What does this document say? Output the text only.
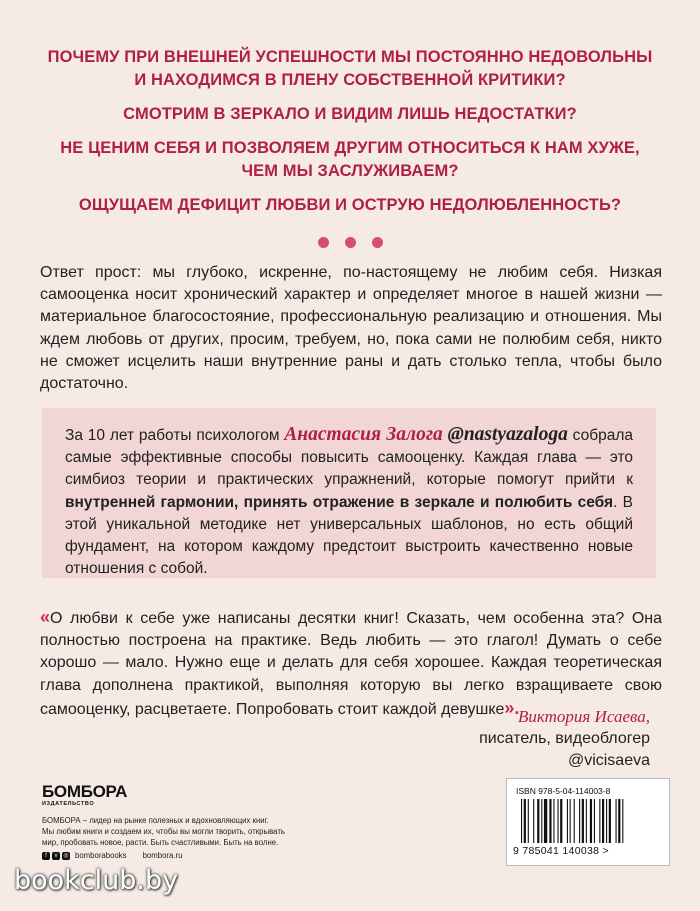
ПОЧЕМУ ПРИ ВНЕШНЕЙ УСПЕШНОСТИ МЫ ПОСТОЯННО НЕДОВОЛЬНЫ
И НАХОДИМСЯ В ПЛЕНУ СОБСТВЕННОЙ КРИТИКИ?

СМОТРИМ В ЗЕРКАЛО И ВИДИМ ЛИШЬ НЕДОСТАТКИ?

НЕ ЦЕНИМ СЕБЯ И ПОЗВОЛЯЕМ ДРУГИМ ОТНОСИТЬСЯ К НАМ ХУЖЕ,
ЧЕМ МЫ ЗАСЛУЖИВАЕМ?

ОЩУЩАЕМ ДЕФИЦИТ ЛЮБВИ И ОСТРУЮ НЕДОЛЮБЛЕННОСТЬ?

Ответ прост: мы глубоко, искренне, по-настоящему не любим себя. Низкая самооценка носит хронический характер и определяет многое в нашей жизни — материальное благосостояние, профессиональную реализацию и отношения. Мы ждем любовь от других, просим, требуем, но, пока сами не полюбим себя, никто не сможет исцелить наши внутренние раны и дать столько тепла, чтобы было достаточно.

За 10 лет работы психологом Анастасия Залога @nastyazaloga собрала самые эффективные способы повысить самооценку. Каждая глава — это симбиоз теории и практических упражнений, которые помогут прийти к внутренней гармонии, принять отражение в зеркале и полюбить себя. В этой уникальной методике нет универсальных шаблонов, но есть общий фундамент, на котором каждому предстоит выстроить качественно новые отношения с собой.

«О любви к себе уже написаны десятки книг! Сказать, чем особенна эта? Она полностью построена на практике. Ведь любить — это глагол! Думать о себе хорошо — мало. Нужно еще и делать для себя хорошее. Каждая теоретическая глава дополнена практикой, выполняя которую вы легко взращиваете свою самооценку, расцветаете. Попробовать стоит каждой девушке».

Виктория Исаева,
писатель, видеоблогер
@vicisaeva
БОМБОРА
ИЗДАТЕЛЬСТВО
БОМБОРА – лидер на рынке полезных и вдохновляющих книг.
Мы любим книги и создаем их, чтобы вы могли творить, открывать
мир, пробовать новое, расти. Быть счастливыми. Быть на волне.
f	v ◎ bomborabooks bombora.ru
ISBN 978-5-04-114003-8
9 785041 140038 >
bookclub.by
